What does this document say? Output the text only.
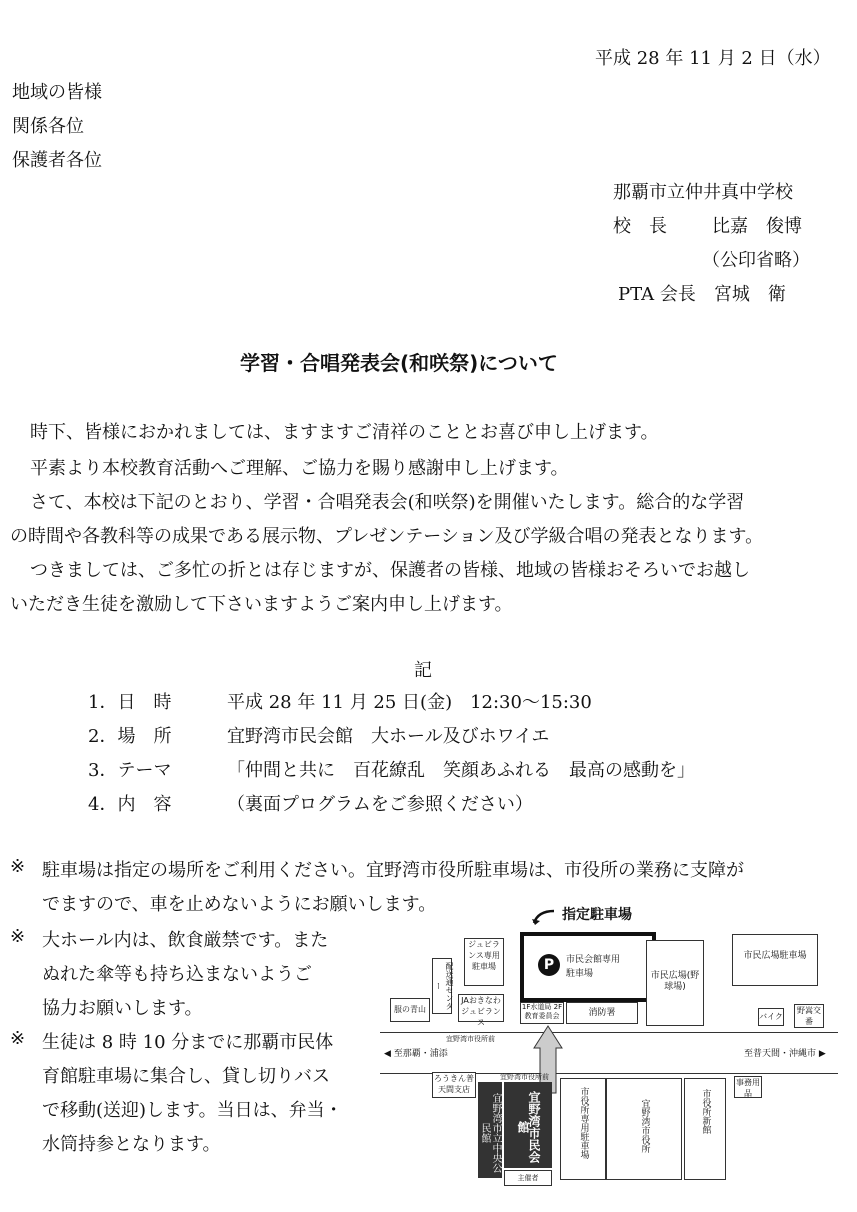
平成 28 年 11 月 2 日（水）
地域の皆様
関係各位
保護者各位
那覇市立仲井真中学校
校　長	比嘉　俊博
（公印省略）
PTA 会長　宮城　衛
学習・合唱発表会(和咲祭)について
時下、皆様におかれましては、ますますご清祥のこととお喜び申し上げます。
平素より本校教育活動へご理解、ご協力を賜り感謝申し上げます。
さて、本校は下記のとおり、学習・合唱発表会(和咲祭)を開催いたします。総合的な学習
の時間や各教科等の成果である展示物、プレゼンテーション及び学級合唱の発表となります。
つきましては、ご多忙の折とは存じますが、保護者の皆様、地域の皆様おそろいでお越し
いただき生徒を激励して下さいますようご案内申し上げます。
記
1．日　時	平成 28 年 11 月 25 日(金)　12:30～15:30
2．場　所	宜野湾市民会館　大ホール及びホワイエ
3．テーマ	「仲間と共に　百花繚乱　笑顔あふれる　最高の感動を」
4．内　容	（裏面プログラムをご参照ください）
※ 駐車場は指定の場所をご利用ください。宜野湾市役所駐車場は、市役所の業務に支障が
でますので、車を止めないようにお願いします。
※ 大ホール内は、飲食厳禁です。また
ぬれた傘等も持ち込まないようご
協力お願いします。
※ 生徒は 8 時 10 分までに那覇市民体
育館駐車場に集合し、貸し切りバス
で移動(送迎)します。当日は、弁当・
水筒持参となります。
指定駐車場
ジュビランス専用駐車場
配送通センター
服の青山
JAおきなわジュビランス
P	市民会館専用
駐車場
1F水道局 2F教育委員会	消防署
市民広場(野球場)
市民広場駐車場
バイク
野嵩交番
宜野湾市役所前
◀ 至那覇・浦添	至普天間・沖縄市 ▶
ろうきん普天間支店
宜野湾市立中央公民館	宜野湾市民会館
主催者
宜野湾市役所前
市役所専用駐車場	宜野湾市役所	市役所新館
事務用品
